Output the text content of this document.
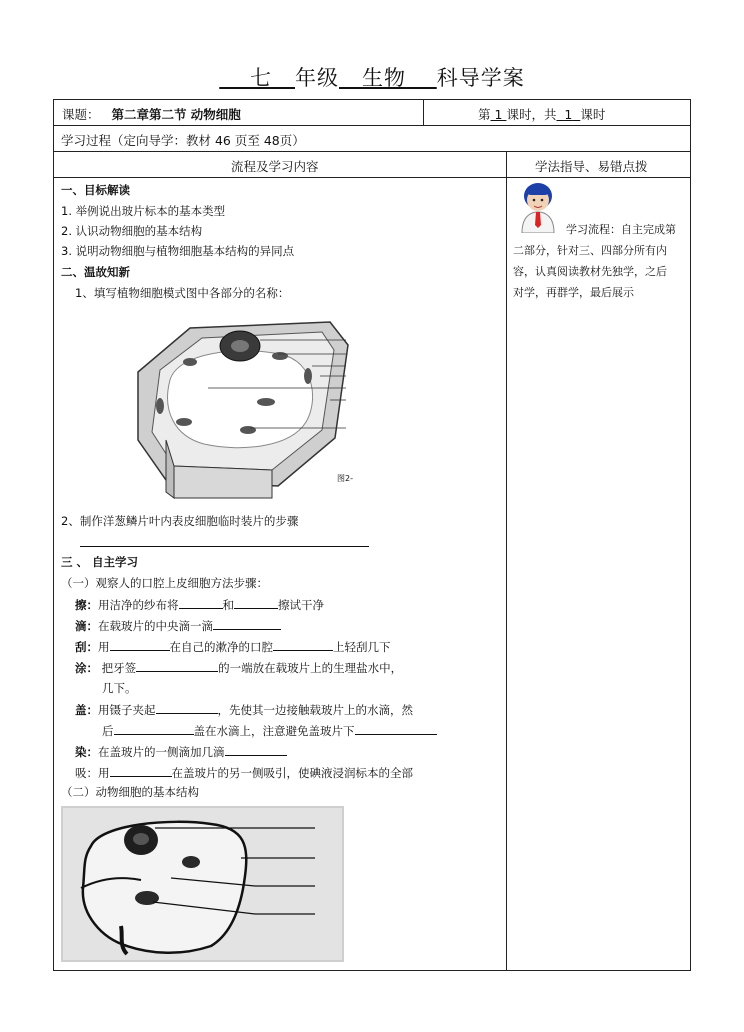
七 年级 生物 科导学案
课题： 第二章第二节 动物细胞	第 1 课时，共 1 课时
学习过程（定向导学：教材 46 页至 48页）
流程及学习内容	学法指导、易错点拨
一、目标解读
1. 举例说出玻片标本的基本类型
2. 认识动物细胞的基本结构
3. 说明动物细胞与植物细胞基本结构的异同点
二、温故知新
1、填写植物细胞模式图中各部分的名称：
图2-
2、制作洋葱鳞片叶内表皮细胞临时装片的步骤
三 、 自主学习
（一）观察人的口腔上皮细胞方法步骤：
擦：用洁净的纱布将	和	擦试干净
滴：在载玻片的中央滴一滴
刮：用	在自己的漱净的口腔	上轻刮几下
涂： 把牙签	的一端放在载玻片上的生理盐水中，
几下。
盖：用镊子夹起	，先使其一边接触载玻片上的水滴，然
后	盖在水滴上，注意避免盖玻片下
染：在盖玻片的一侧滴加几滴
吸：用	在盖玻片的另一侧吸引，使碘液浸润标本的全部
（二）动物细胞的基本结构
学习流程：自主完成第
二部分，针对三、四部分所有内
容，认真阅读教材先独学，之后
对学，再群学，最后展示
